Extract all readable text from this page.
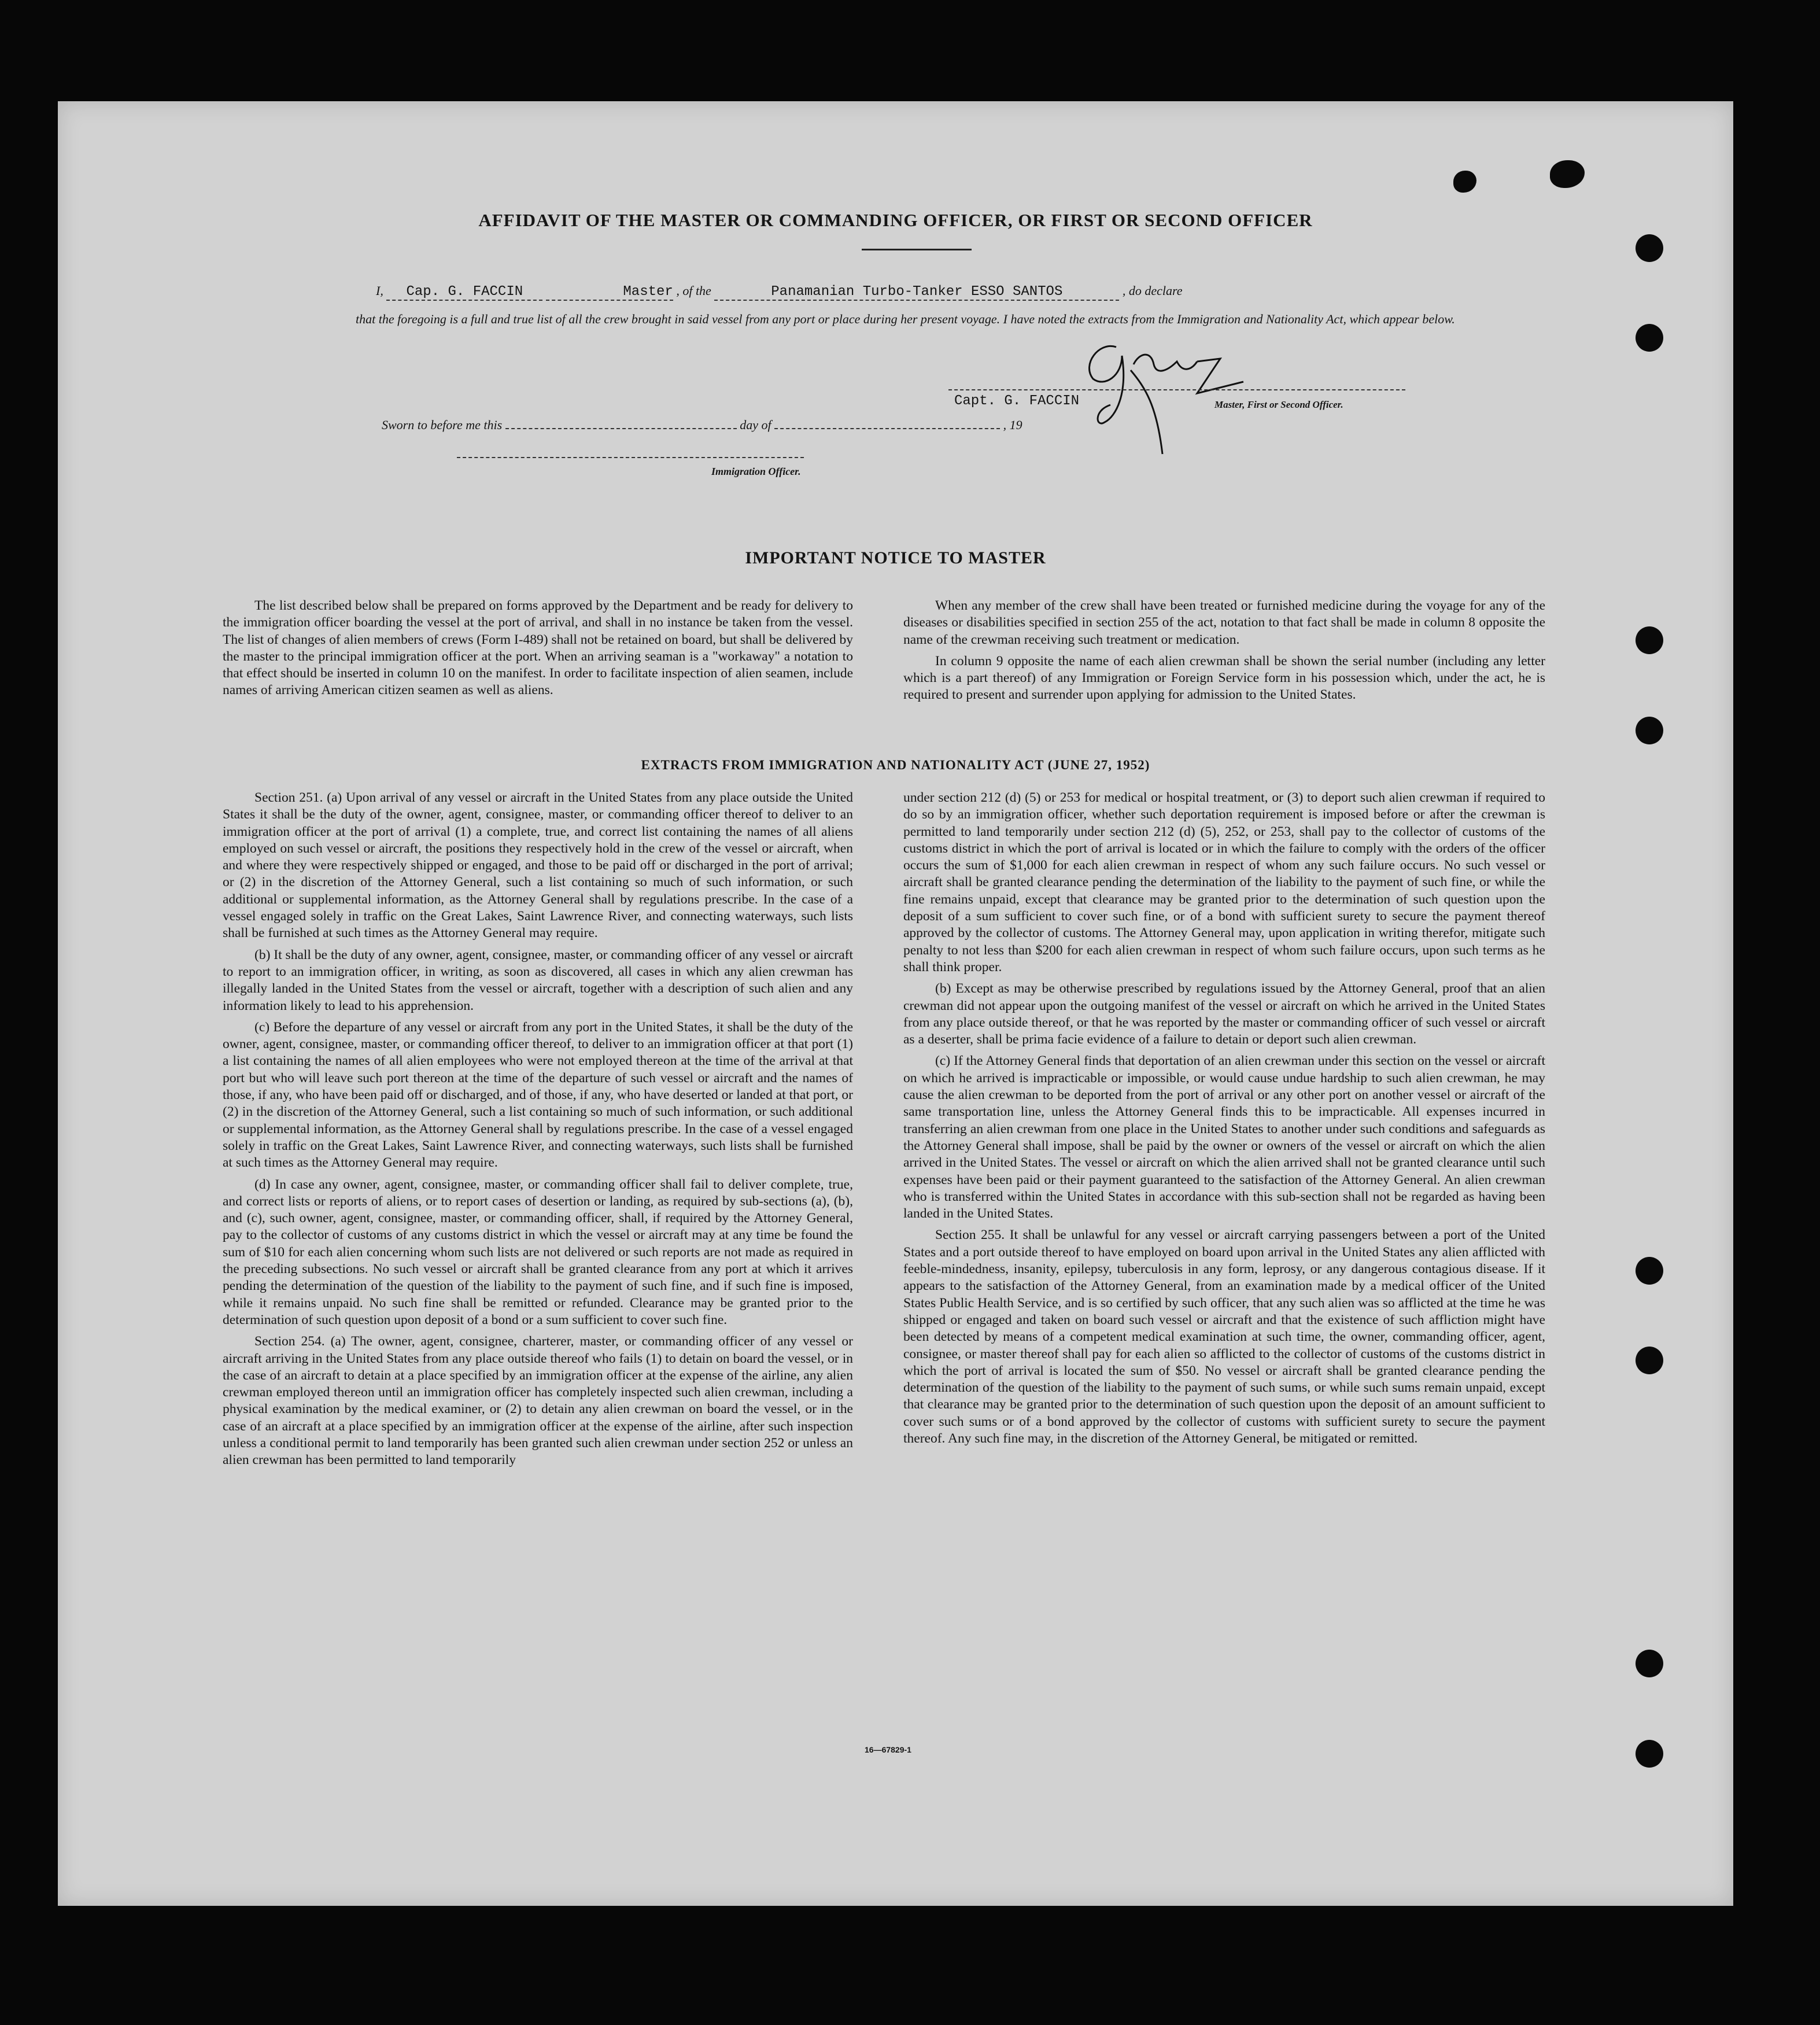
AFFIDAVIT OF THE MASTER OR COMMANDING OFFICER, OR FIRST OR SECOND OFFICER
I, Cap. G. FACCIN	Master , of the	Panamanian Turbo-Tanker ESSO SANTOS	, do declare
that the foregoing is a full and true list of all the crew brought in said vessel from any port or place during her present voyage. I have noted the extracts from the Immigration and Nationality Act, which appear below.
Capt. G. FACCIN	Master, First or Second Officer.
Sworn to before me this	day of	, 19
Immigration Officer.
IMPORTANT NOTICE TO MASTER

The list described below shall be prepared on forms approved by the Department and be ready for delivery to the immigration officer boarding the vessel at the port of arrival, and shall in no instance be taken from the vessel. The list of changes of alien members of crews (Form I-489) shall not be retained on board, but shall be delivered by the master to the principal immigration officer at the port. When an arriving seaman is a "workaway" a notation to that effect should be inserted in column 10 on the manifest. In order to facilitate inspection of alien seamen, include names of arriving American citizen seamen as well as aliens.

When any member of the crew shall have been treated or furnished medicine during the voyage for any of the diseases or disabilities specified in section 255 of the act, notation to that fact shall be made in column 8 opposite the name of the crewman receiving such treatment or medication.

In column 9 opposite the name of each alien crewman shall be shown the serial number (including any letter which is a part thereof) of any Immigration or Foreign Service form in his possession which, under the act, he is required to present and surrender upon applying for admission to the United States.

EXTRACTS FROM IMMIGRATION AND NATIONALITY ACT (JUNE 27, 1952)

Section 251. (a) Upon arrival of any vessel or aircraft in the United States from any place outside the United States it shall be the duty of the owner, agent, consignee, master, or commanding officer thereof to deliver to an immigration officer at the port of arrival (1) a complete, true, and correct list containing the names of all aliens employed on such vessel or aircraft, the positions they respectively hold in the crew of the vessel or aircraft, when and where they were respectively shipped or engaged, and those to be paid off or discharged in the port of arrival; or (2) in the discretion of the Attorney General, such a list containing so much of such information, or such additional or supplemental information, as the Attorney General shall by regulations prescribe. In the case of a vessel engaged solely in traffic on the Great Lakes, Saint Lawrence River, and connecting waterways, such lists shall be furnished at such times as the Attorney General may require.

(b) It shall be the duty of any owner, agent, consignee, master, or commanding officer of any vessel or aircraft to report to an immigration officer, in writing, as soon as discovered, all cases in which any alien crewman has illegally landed in the United States from the vessel or aircraft, together with a description of such alien and any information likely to lead to his apprehension.

(c) Before the departure of any vessel or aircraft from any port in the United States, it shall be the duty of the owner, agent, consignee, master, or commanding officer thereof, to deliver to an immigration officer at that port (1) a list containing the names of all alien employees who were not employed thereon at the time of the arrival at that port but who will leave such port thereon at the time of the departure of such vessel or aircraft and the names of those, if any, who have been paid off or discharged, and of those, if any, who have deserted or landed at that port, or (2) in the discretion of the Attorney General, such a list containing so much of such information, or such additional or supplemental information, as the Attorney General shall by regulations prescribe. In the case of a vessel engaged solely in traffic on the Great Lakes, Saint Lawrence River, and connecting waterways, such lists shall be furnished at such times as the Attorney General may require.

(d) In case any owner, agent, consignee, master, or commanding officer shall fail to deliver complete, true, and correct lists or reports of aliens, or to report cases of desertion or landing, as required by sub-sections (a), (b), and (c), such owner, agent, consignee, master, or commanding officer, shall, if required by the Attorney General, pay to the collector of customs of any customs district in which the vessel or aircraft may at any time be found the sum of $10 for each alien concerning whom such lists are not delivered or such reports are not made as required in the preceding subsections. No such vessel or aircraft shall be granted clearance from any port at which it arrives pending the determination of the question of the liability to the payment of such fine, and if such fine is imposed, while it remains unpaid. No such fine shall be remitted or refunded. Clearance may be granted prior to the determination of such question upon deposit of a bond or a sum sufficient to cover such fine.

Section 254. (a) The owner, agent, consignee, charterer, master, or commanding officer of any vessel or aircraft arriving in the United States from any place outside thereof who fails (1) to detain on board the vessel, or in the case of an aircraft to detain at a place specified by an immigration officer at the expense of the airline, any alien crewman employed thereon until an immigration officer has completely inspected such alien crewman, including a physical examination by the medical examiner, or (2) to detain any alien crewman on board the vessel, or in the case of an aircraft at a place specified by an immigration officer at the expense of the airline, after such inspection unless a conditional permit to land temporarily has been granted such alien crewman under section 252 or unless an alien crewman has been permitted to land temporarily

under section 212 (d) (5) or 253 for medical or hospital treatment, or (3) to deport such alien crewman if required to do so by an immigration officer, whether such deportation requirement is imposed before or after the crewman is permitted to land temporarily under section 212 (d) (5), 252, or 253, shall pay to the collector of customs of the customs district in which the port of arrival is located or in which the failure to comply with the orders of the officer occurs the sum of $1,000 for each alien crewman in respect of whom any such failure occurs. No such vessel or aircraft shall be granted clearance pending the determination of the liability to the payment of such fine, or while the fine remains unpaid, except that clearance may be granted prior to the determination of such question upon the deposit of a sum sufficient to cover such fine, or of a bond with sufficient surety to secure the payment thereof approved by the collector of customs. The Attorney General may, upon application in writing therefor, mitigate such penalty to not less than $200 for each alien crewman in respect of whom such failure occurs, upon such terms as he shall think proper.

(b) Except as may be otherwise prescribed by regulations issued by the Attorney General, proof that an alien crewman did not appear upon the outgoing manifest of the vessel or aircraft on which he arrived in the United States from any place outside thereof, or that he was reported by the master or commanding officer of such vessel or aircraft as a deserter, shall be prima facie evidence of a failure to detain or deport such alien crewman.

(c) If the Attorney General finds that deportation of an alien crewman under this section on the vessel or aircraft on which he arrived is impracticable or impossible, or would cause undue hardship to such alien crewman, he may cause the alien crewman to be deported from the port of arrival or any other port on another vessel or aircraft of the same transportation line, unless the Attorney General finds this to be impracticable. All expenses incurred in transferring an alien crewman from one place in the United States to another under such conditions and safeguards as the Attorney General shall impose, shall be paid by the owner or owners of the vessel or aircraft on which the alien arrived in the United States. The vessel or aircraft on which the alien arrived shall not be granted clearance until such expenses have been paid or their payment guaranteed to the satisfaction of the Attorney General. An alien crewman who is transferred within the United States in accordance with this sub-section shall not be regarded as having been landed in the United States.

Section 255. It shall be unlawful for any vessel or aircraft carrying passengers between a port of the United States and a port outside thereof to have employed on board upon arrival in the United States any alien afflicted with feeble-mindedness, insanity, epilepsy, tuberculosis in any form, leprosy, or any dangerous contagious disease. If it appears to the satisfaction of the Attorney General, from an examination made by a medical officer of the United States Public Health Service, and is so certified by such officer, that any such alien was so afflicted at the time he was shipped or engaged and taken on board such vessel or aircraft and that the existence of such affliction might have been detected by means of a competent medical examination at such time, the owner, commanding officer, agent, consignee, or master thereof shall pay for each alien so afflicted to the collector of customs of the customs district in which the port of arrival is located the sum of $50. No vessel or aircraft shall be granted clearance pending the determination of the question of the liability to the payment of such sums, or while such sums remain unpaid, except that clearance may be granted prior to the determination of such question upon the deposit of an amount sufficient to cover such sums or of a bond approved by the collector of customs with sufficient surety to secure the payment thereof. Any such fine may, in the discretion of the Attorney General, be mitigated or remitted.

16—67829-1
